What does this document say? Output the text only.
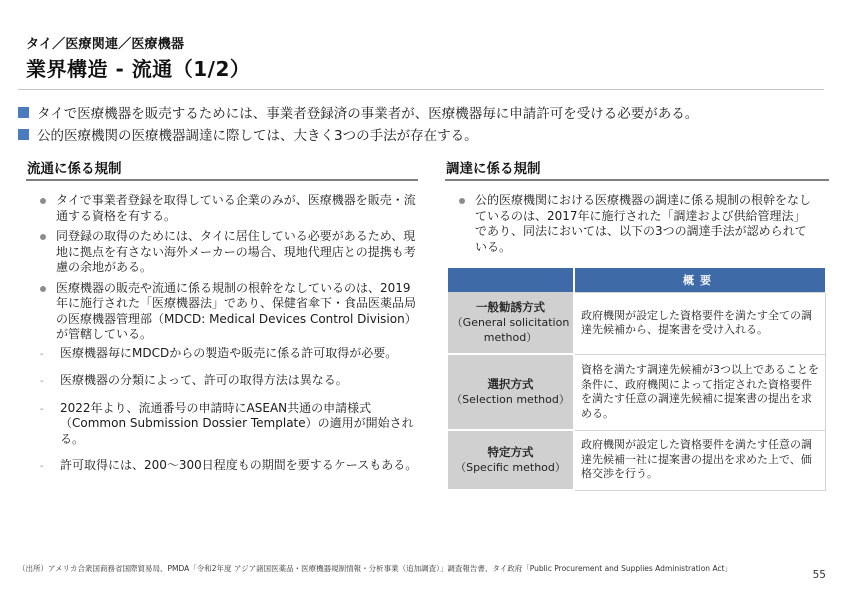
タイ／医療関連／医療機器
業界構造 - 流通（1/2）
タイで医療機器を販売するためには、事業者登録済の事業者が、医療機器毎に申請許可を受ける必要がある。
公的医療機関の医療機器調達に際しては、大きく3つの手法が存在する。
流通に係る規制
タイで事業者登録を取得している企業のみが、医療機器を販売・流通する資格を有する。
同登録の取得のためには、タイに居住している必要があるため、現地に拠点を有さない海外メーカーの場合、現地代理店との提携も考慮の余地がある。
医療機器の販売や流通に係る規制の根幹をなしているのは、2019年に施行された「医療機器法」であり、保健省傘下・食品医薬品局の医療機器管理部（MDCD: Medical Devices Control Division）が管轄している。
-	医療機器毎にMDCDからの製造や販売に係る許可取得が必要。
-	医療機器の分類によって、許可の取得方法は異なる。
-	2022年より、流通番号の申請時にASEAN共通の申請様式（Common Submission Dossier Template）の適用が開始される。
-	許可取得には、200〜300日程度もの期間を要するケースもある。
調達に係る規制
公的医療機関における医療機器の調達に係る規制の根幹をなしているのは、2017年に施行された「調達および供給管理法」であり、同法においては、以下の3つの調達手法が認められている。
	概要

一般勧誘方式
（General solicitation method）	政府機関が設定した資格要件を満たす全ての調達先候補から、提案書を受け入れる。

選択方式
（Selection method）	資格を満たす調達先候補が3つ以上であることを条件に、政府機関によって指定された資格要件を満たす任意の調達先候補に提案書の提出を求める。

特定方式
（Specific method）	政府機関が設定した資格要件を満たす任意の調達先候補一社に提案書の提出を求めた上で、価格交渉を行う。
（出所）アメリカ合衆国商務省国際貿易局、PMDA「令和2年度 アジア諸国医薬品・医療機器規制情報・分析事業（追加調査）」調査報告書、タイ政府「Public Procurement and Supplies Administration Act」
55
